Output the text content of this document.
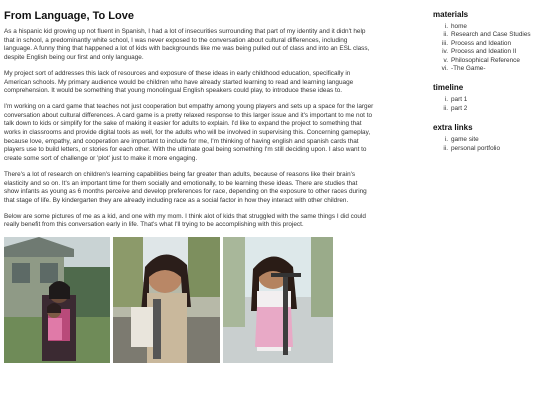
From Language, To Love

As a hispanic kid growing up not fluent in Spanish, I had a lot of insecurities surrounding that part of my identity and it didn't help that in school, a predominantly white school, I was never exposed to the conversation about cultural differences, including language. A funny thing that happened a lot of kids with backgrounds like me was being pulled out of class and into an ESL class, despite English being our first and only language.

My project sort of addresses this lack of resources and exposure of these ideas in early childhood education, specifically in American schools. My primary audience would be children who have already started learning to read and learning language comprehension. It would be something that young monolingual English speakers could play, to introduce these ideas to.

I'm working on a card game that teaches not just cooperation but empathy among young players and sets up a space for the larger conversation about cultural differences. A card game is a pretty relaxed response to this larger issue and it's important to me not to talk down to kids or simplify for the sake of making it easier for adults to explain. I'd like to expand the project to something that works in classrooms and provide digital tools as well, for the adults who will be involved in supervising this. Concerning gameplay, because love, empathy, and cooperation are important to include for me, I'm thinking of having english and spanish cards that players use to build letters, or stories for each other. With the ultimate goal being something I'm still deciding upon. I also want to create some sort of challenge or 'plot' just to make it more engaging.

There's a lot of research on children's learning capabilities being far greater than adults, because of reasons like their brain's elasticity and so on. It's an important time for them socially and emotionally, to be learning these ideas. There are studies that show infants as young as 6 months perceive and develop preferences for race, depending on the exposure to other races during that stage of life. By kindergarten they are already including race as a social factor in how they interact with other children.

Below are some pictures of me as a kid, and one with my mom. I think alot of kids that struggled with the same things I did could really benefit from this conversation early in life. That's what I'll trying to be accomplishing with this project.

materials
i. home
ii. Research and Case Studies
iii. Process and Ideation
iv. Process and Ideation II
v. Philosophical Reference
vi. -The Game-
timeline
i. part 1
ii. part 2
extra links
i. game site
ii. personal portfolio
